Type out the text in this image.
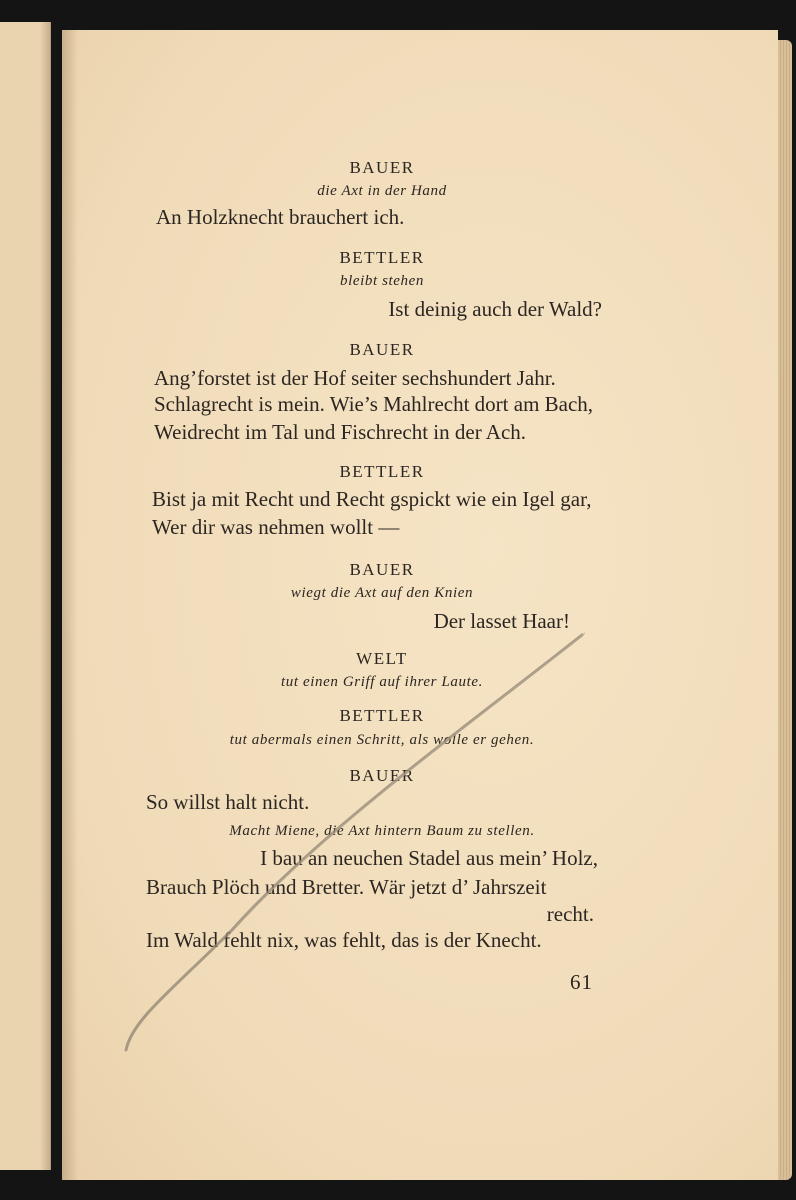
BAUER
die Axt in der Hand
An Holzknecht brauchert ich.
BETTLER
bleibt stehen
Ist deinig auch der Wald?
BAUER
Ang’forstet ist der Hof seiter sechshundert Jahr.
Schlagrecht is mein. Wie’s Mahlrecht dort am Bach,
Weidrecht im Tal und Fischrecht in der Ach.
BETTLER
Bist ja mit Recht und Recht gspickt wie ein Igel gar,
Wer dir was nehmen wollt —
BAUER
wiegt die Axt auf den Knien
Der lasset Haar!
WELT
tut einen Griff auf ihrer Laute.
BETTLER
tut abermals einen Schritt, als wolle er gehen.
BAUER
So willst halt nicht.
Macht Miene, die Axt hintern Baum zu stellen.
I bau an neuchen Stadel aus mein’ Holz,
Brauch Plöch und Bretter. Wär jetzt d’ Jahrszeit
recht.
Im Wald fehlt nix, was fehlt, das is der Knecht.
61
